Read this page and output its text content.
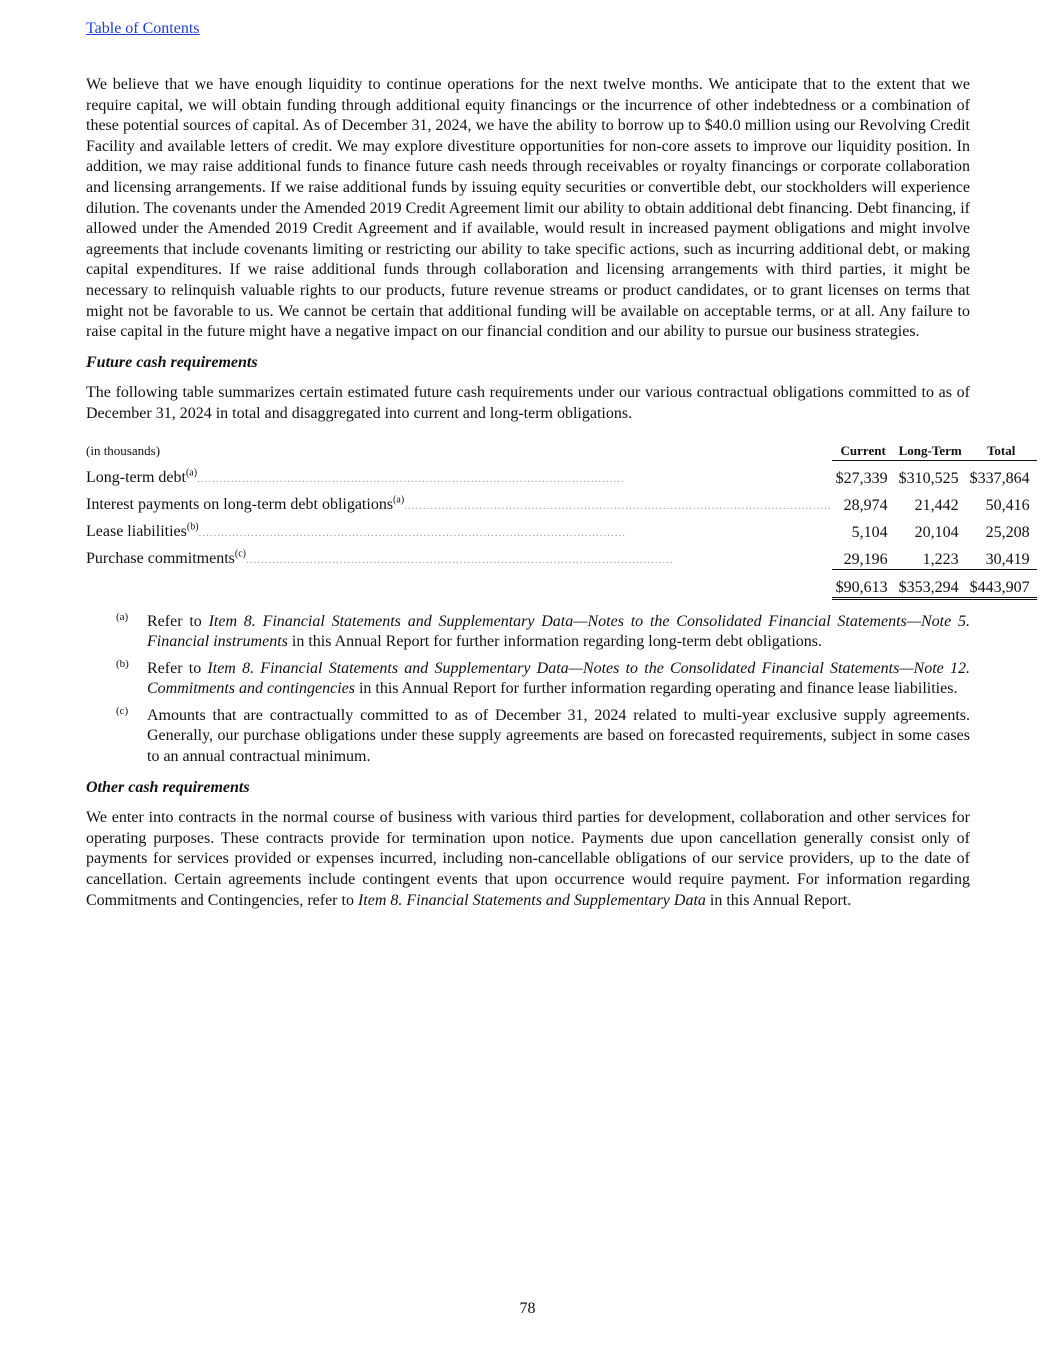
Table of Contents

We believe that we have enough liquidity to continue operations for the next twelve months. We anticipate that to the extent that we require capital, we will obtain funding through additional equity financings or the incurrence of other indebtedness or a combination of these potential sources of capital. As of December 31, 2024, we have the ability to borrow up to $40.0 million using our Revolving Credit Facility and available letters of credit. We may explore divestiture opportunities for non-core assets to improve our liquidity position. In addition, we may raise additional funds to finance future cash needs through receivables or royalty financings or corporate collaboration and licensing arrangements. If we raise additional funds by issuing equity securities or convertible debt, our stockholders will experience dilution. The covenants under the Amended 2019 Credit Agreement limit our ability to obtain additional debt financing. Debt financing, if allowed under the Amended 2019 Credit Agreement and if available, would result in increased payment obligations and might involve agreements that include covenants limiting or restricting our ability to take specific actions, such as incurring additional debt, or making capital expenditures. If we raise additional funds through collaboration and licensing arrangements with third parties, it might be necessary to relinquish valuable rights to our products, future revenue streams or product candidates, or to grant licenses on terms that might not be favorable to us. We cannot be certain that additional funding will be available on acceptable terms, or at all. Any failure to raise capital in the future might have a negative impact on our financial condition and our ability to pursue our business strategies.

Future cash requirements

The following table summarizes certain estimated future cash requirements under our various contractual obligations committed to as of December 31, 2024 in total and disaggregated into current and long-term obligations.

(in thousands)		Current		Long-Term		Total	
Long-term debt$^{(a)}$..................................................................................................................		$	27,339		$	310,525		$	337,864
Interest payments on long-term debt obligations$^{(a)}$..................................................................................................................			28,974			21,442			50,416
Lease liabilities$^{(b)}$..................................................................................................................			5,104			20,104			25,208
Purchase commitments$^{(c)}$..................................................................................................................			29,196			1,223			30,419
		$	90,613		$	353,294		$	443,907
(a) Refer to Item 8. Financial Statements and Supplementary Data—Notes to the Consolidated Financial Statements—Note 5. Financial instruments in this Annual Report for further information regarding long-term debt obligations.
(b) Refer to Item 8. Financial Statements and Supplementary Data—Notes to the Consolidated Financial Statements—Note 12. Commitments and contingencies in this Annual Report for further information regarding operating and finance lease liabilities.
(c) Amounts that are contractually committed to as of December 31, 2024 related to multi-year exclusive supply agreements. Generally, our purchase obligations under these supply agreements are based on forecasted requirements, subject in some cases to an annual contractual minimum.
Other cash requirements

We enter into contracts in the normal course of business with various third parties for development, collaboration and other services for operating purposes. These contracts provide for termination upon notice. Payments due upon cancellation generally consist only of payments for services provided or expenses incurred, including non-cancellable obligations of our service providers, up to the date of cancellation. Certain agreements include contingent events that upon occurrence would require payment. For information regarding Commitments and Contingencies, refer to Item 8. Financial Statements and Supplementary Data in this Annual Report.

78
